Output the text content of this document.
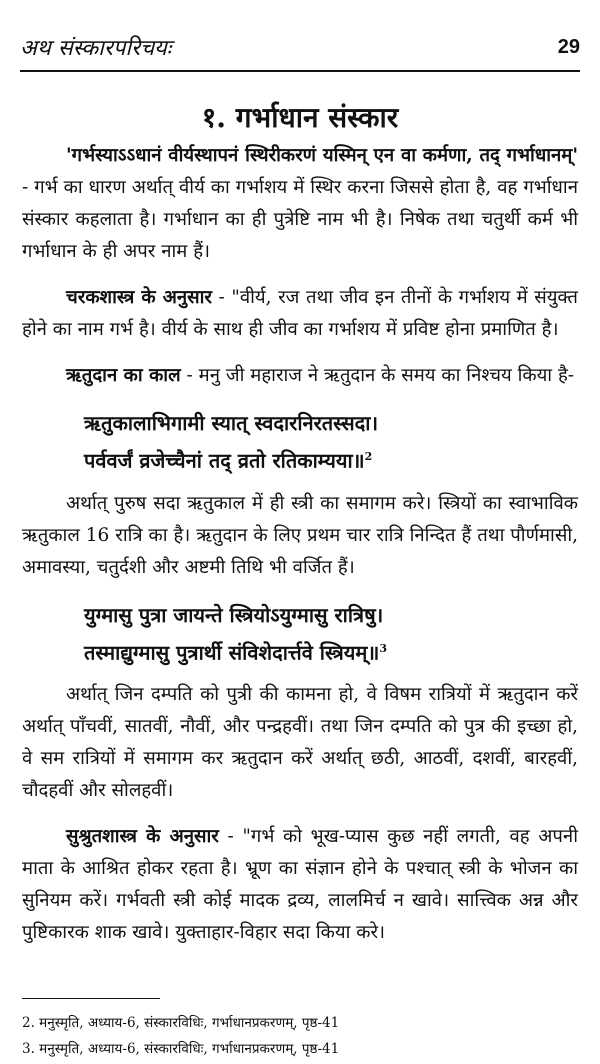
अथ संस्कारपरिचयः	29
१. गर्भाधान संस्कार

'गर्भस्याऽऽधानं वीर्यस्थापनं स्थिरीकरणं यस्मिन् एन वा कर्मणा, तद् गर्भाधानम्' - गर्भ का धारण अर्थात् वीर्य का गर्भाशय में स्थिर करना जिससे होता है, वह गर्भाधान संस्कार कहलाता है। गर्भाधान का ही पुत्रेष्टि नाम भी है। निषेक तथा चतुर्थी कर्म भी गर्भाधान के ही अपर नाम हैं।

चरकशास्त्र के अनुसार - "वीर्य, रज तथा जीव इन तीनों के गर्भाशय में संयुक्त होने का नाम गर्भ है। वीर्य के साथ ही जीव का गर्भाशय में प्रविष्ट होना प्रमाणित है।

ऋतुदान का काल - मनु जी महाराज ने ऋतुदान के समय का निश्चय किया है-

ऋतुकालाभिगामी स्यात् स्वदारनिरतस्सदा।
पर्ववर्जं व्रजेच्चैनां तद् व्रतो रतिकाम्यया॥$^2$

अर्थात् पुरुष सदा ऋतुकाल में ही स्त्री का समागम करे। स्त्रियों का स्वाभाविक ऋतुकाल 16 रात्रि का है। ऋतुदान के लिए प्रथम चार रात्रि निन्दित हैं तथा पौर्णमासी, अमावस्या, चतुर्दशी और अष्टमी तिथि भी वर्जित हैं।

युग्मासु पुत्रा जायन्ते स्त्रियोऽयुग्मासु रात्रिषु।
तस्माद्युग्मासु पुत्रार्थी संविशेदार्त्तवे स्त्रियम्॥$^3$

अर्थात् जिन दम्पति को पुत्री की कामना हो, वे विषम रात्रियों में ऋतुदान करें अर्थात् पाँचवीं, सातवीं, नौवीं, और पन्द्रहवीं। तथा जिन दम्पति को पुत्र की इच्छा हो, वे सम रात्रियों में समागम कर ऋतुदान करें अर्थात् छठी, आठवीं, दशवीं, बारहवीं, चौदहवीं और सोलहवीं।

सुश्रुतशास्त्र के अनुसार - "गर्भ को भूख-प्यास कुछ नहीं लगती, वह अपनी माता के आश्रित होकर रहता है। भ्रूण का संज्ञान होने के पश्चात् स्त्री के भोजन का सुनियम करें। गर्भवती स्त्री कोई मादक द्रव्य, लालमिर्च न खावे। सात्त्विक अन्न और पुष्टिकारक शाक खावे। युक्ताहार-विहार सदा किया करे।

2. मनुस्मृति, अध्याय-6, संस्कारविधिः, गर्भाधानप्रकरणम्, पृष्ठ-41
3. मनुस्मृति, अध्याय-6, संस्कारविधिः, गर्भाधानप्रकरणम्, पृष्ठ-41
